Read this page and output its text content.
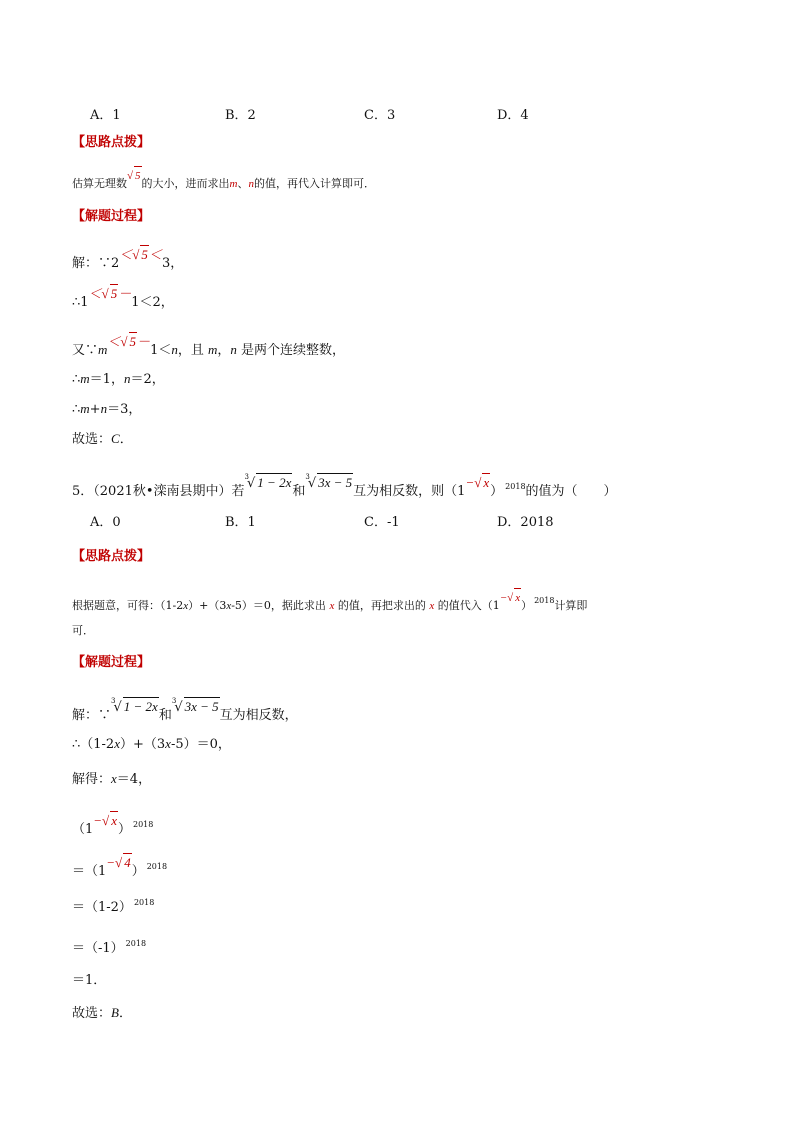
A．1	B．2	C．3	D．4
【思路点拨】
估算无理数√ 5的大小，进而求出m、n的值，再代入计算即可．
【解题过程】
解：∵2＜√ 5＜3，
∴1＜√ 5－1＜2，
又∵m＜√ 5－1＜n，且 m，n 是两个连续整数，
∴m＝1，n＝2，
∴m+n＝3，
故选：C．
5．（2021秋•滦南县期中）若$^3$√ 1 − 2x和$^3$√ 3x − 5互为相反数，则（1−√ x） $^{2018}$的值为（　　）
A．0	B．1	C．-1	D．2018
【思路点拨】
根据题意，可得：（1-2x）+（3x-5）＝0，据此求出 x 的值，再把求出的 x 的值代入（1−√ x） $^{2018}$计算即
可．
【解题过程】
解：∵$^3$√ 1 − 2x和$^3$√ 3x − 5互为相反数，
∴（1-2x）+（3x-5）＝0，
解得：x＝4，
（1−√ x） $^{2018}$
＝（1−√ 4） $^{2018}$
＝（1-2） $^{2018}$
＝（-1） $^{2018}$
＝1．
故选：B．
